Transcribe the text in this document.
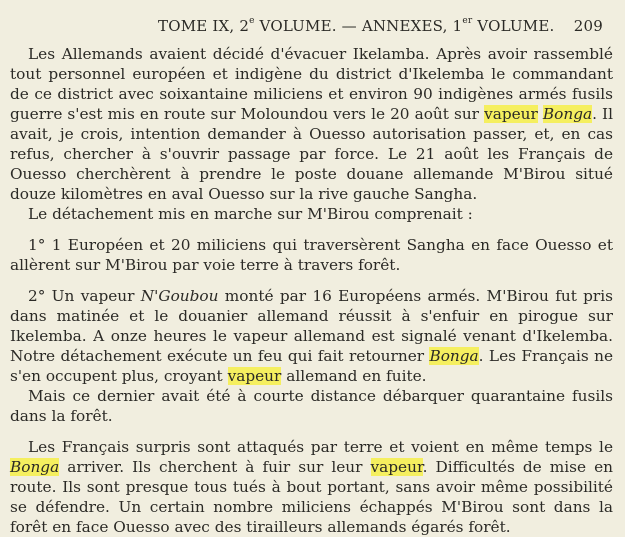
TOME IX, 2e VOLUME. — ANNEXES, 1er VOLUME. 209

Les Allemands avaient décidé d'évacuer Ikelamba. Après avoir rassemblé tout personnel européen et indigène du district d'Ikelemba le commandant de ce district avec soixantaine miliciens et environ 90 indigènes armés fusils guerre s'est mis en route sur Moloundou vers le 20 août sur vapeur Bonga. Il avait, je crois, intention demander à Ouesso autorisation passer, et, en cas refus, chercher à s'ouvrir passage par force. Le 21 août les Français de Ouesso cherchèrent à prendre le poste douane allemande M'Birou situé douze kilomètres en aval Ouesso sur la rive gauche Sangha.

Le détachement mis en marche sur M'Birou comprenait :

1° 1 Européen et 20 miliciens qui traversèrent Sangha en face Ouesso et allèrent sur M'Birou par voie terre à travers forêt.

2° Un vapeur N'Goubou monté par 16 Européens armés. M'Birou fut pris dans matinée et le douanier allemand réussit à s'enfuir en pirogue sur Ikelemba. A onze heures le vapeur allemand est signalé venant d'Ikelemba. Notre détachement exécute un feu qui fait retourner Bonga. Les Français ne s'en occupent plus, croyant vapeur allemand en fuite.

Mais ce dernier avait été à courte distance débarquer quarantaine fusils dans la forêt.

Les Français surpris sont attaqués par terre et voient en même temps le Bonga arriver. Ils cherchent à fuir sur leur vapeur. Difficultés de mise en route. Ils sont presque tous tués à bout portant, sans avoir même possibilité se défendre. Un certain nombre miliciens échappés M'Birou sont dans la forêt en face Ouesso avec des tirailleurs allemands égarés forêt.
